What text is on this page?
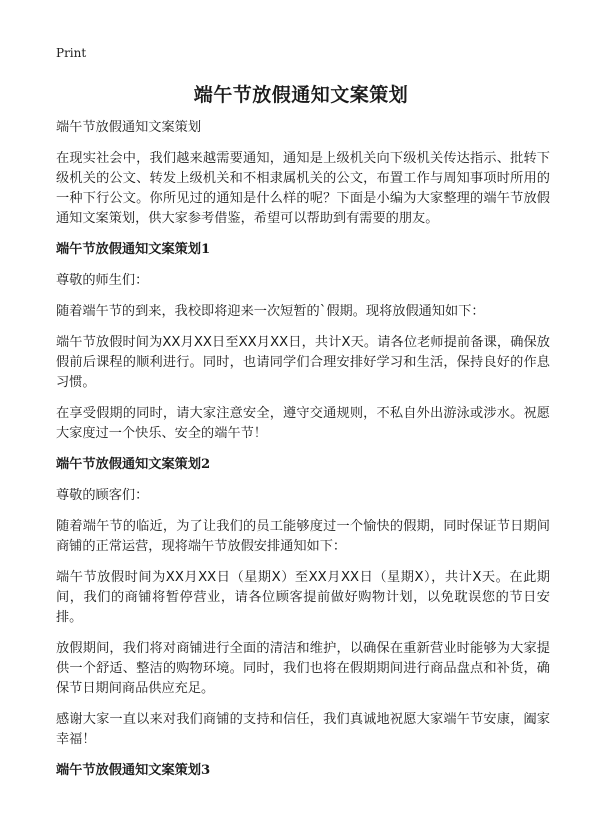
Print
端午节放假通知文案策划

端午节放假通知文案策划

在现实社会中，我们越来越需要通知，通知是上级机关向下级机关传达指示、批转下级机关的公文、转发上级机关和不相隶属机关的公文，布置工作与周知事项时所用的一种下行公文。你所见过的通知是什么样的呢？下面是小编为大家整理的端午节放假通知文案策划，供大家参考借鉴，希望可以帮助到有需要的朋友。

端午节放假通知文案策划1

尊敬的师生们：

随着端午节的到来，我校即将迎来一次短暂的`假期。现将放假通知如下：

端午节放假时间为XX月XX日至XX月XX日，共计X天。请各位老师提前备课，确保放假前后课程的顺利进行。同时，也请同学们合理安排好学习和生活，保持良好的作息习惯。

在享受假期的同时，请大家注意安全，遵守交通规则，不私自外出游泳或涉水。祝愿大家度过一个快乐、安全的端午节！

端午节放假通知文案策划2

尊敬的顾客们：

随着端午节的临近，为了让我们的员工能够度过一个愉快的假期，同时保证节日期间商铺的正常运营，现将端午节放假安排通知如下：

端午节放假时间为XX月XX日（星期X）至XX月XX日（星期X），共计X天。在此期间，我们的商铺将暂停营业，请各位顾客提前做好购物计划，以免耽误您的节日安排。

放假期间，我们将对商铺进行全面的清洁和维护，以确保在重新营业时能够为大家提供一个舒适、整洁的购物环境。同时，我们也将在假期期间进行商品盘点和补货，确保节日期间商品供应充足。

感谢大家一直以来对我们商铺的支持和信任，我们真诚地祝愿大家端午节安康，阖家幸福！

端午节放假通知文案策划3
